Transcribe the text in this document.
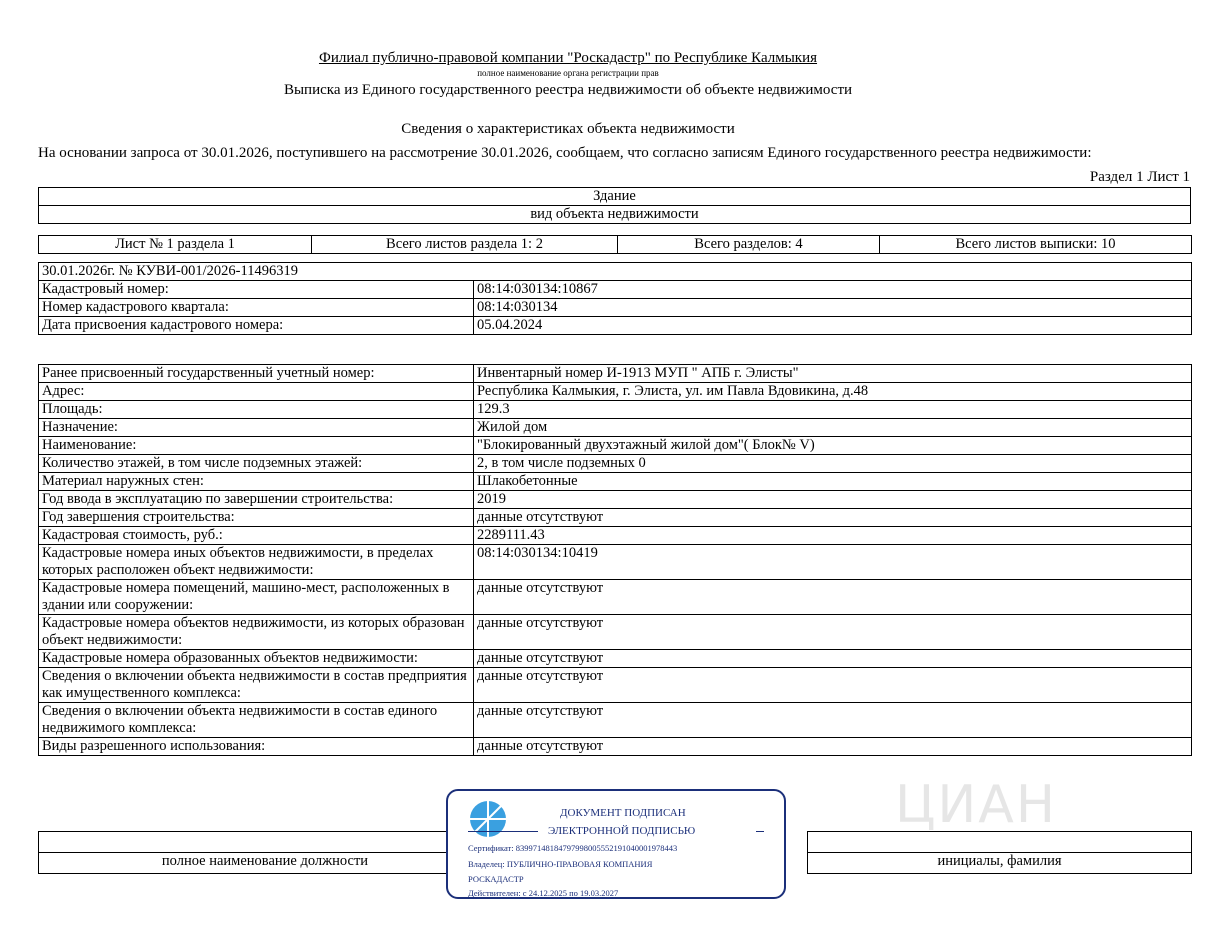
Филиал публично-правовой компании "Роскадастр" по Республике Калмыкия
полное наименование органа регистрации прав
Выписка из Единого государственного реестра недвижимости об объекте недвижимости
Сведения о характеристиках объекта недвижимости
На основании запроса от 30.01.2026, поступившего на рассмотрение 30.01.2026, сообщаем, что согласно записям Единого государственного реестра недвижимости:
Раздел 1 Лист 1
Здание
вид объекта недвижимости
Лист № 1 раздела 1	Всего листов раздела 1: 2	Всего разделов: 4	Всего листов выписки: 10
30.01.2026г. № КУВИ-001/2026-11496319	
Кадастровый номер:	08:14:030134:10867
Номер кадастрового квартала:	08:14:030134
Дата присвоения кадастрового номера:	05.04.2024
Ранее присвоенный государственный учетный номер:	Инвентарный номер И-1913 МУП " АПБ г. Элисты"
Адрес:	Республика Калмыкия, г. Элиста, ул. им Павла Вдовикина, д.48
Площадь:	129.3
Назначение:	Жилой дом
Наименование:	"Блокированный двухэтажный жилой дом"( Блок№ V)
Количество этажей, в том числе подземных этажей:	2, в том числе подземных 0
Материал наружных стен:	Шлакобетонные
Год ввода в эксплуатацию по завершении строительства:	2019
Год завершения строительства:	данные отсутствуют
Кадастровая стоимость, руб.:	2289111.43
Кадастровые номера иных объектов недвижимости, в пределах которых расположен объект недвижимости:	08:14:030134:10419
Кадастровые номера помещений, машино-мест, расположенных в здании или сооружении:	данные отсутствуют
Кадастровые номера объектов недвижимости, из которых образован объект недвижимости:	данные отсутствуют
Кадастровые номера образованных объектов недвижимости:	данные отсутствуют
Сведения о включении объекта недвижимости в состав предприятия как имущественного комплекса:	данные отсутствуют
Сведения о включении объекта недвижимости в состав единого недвижимого комплекса:	данные отсутствуют
Виды разрешенного использования:	данные отсутствуют

полное наименование должности		инициалы, фамилия
ЦИАН
ДОКУМЕНТ ПОДПИСАН
ЭЛЕКТРОННОЙ ПОДПИСЬЮ
Сертификат: 83997148184797998005552191040001978443
Владелец: ПУБЛИЧНО-ПРАВОВАЯ КОМПАНИЯ
РОСКАДАСТР
Действителен: с 24.12.2025 по 19.03.2027
